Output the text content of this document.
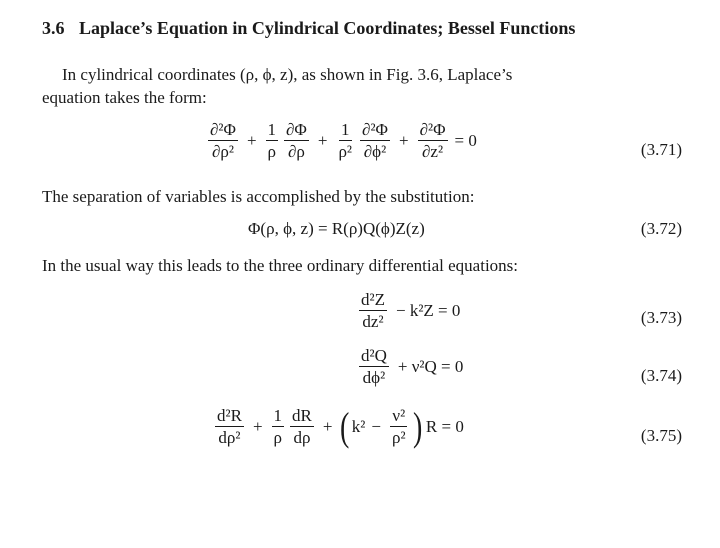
3.6 Laplace’s Equation in Cylindrical Coordinates; Bessel Functions
In cylindrical coordinates (ρ, ϕ, z), as shown in Fig. 3.6, Laplace’s
equation takes the form:
$\frac{\text{∂²Φ}}{\text{∂ρ²}} + \frac{1}{\rho} \frac{\partial\Phi}{\partial\rho} + \frac{1}{\text{ρ²}} \frac{\text{∂²Φ}}{\text{∂ϕ²}} + \frac{\text{∂²Φ}}{\text{∂z²}} = 0$	(3.71)
The separation of variables is accomplished by the substitution:
Φ(ρ, ϕ, z) = R(ρ)Q(ϕ)Z(z)	(3.72)
In the usual way this leads to the three ordinary differential equations:
$\frac{\text{d²Z}}{\text{dz²}} - k^2Z = 0$	(3.73)
$\frac{\text{d²Q}}{\text{dϕ²}} + \nu^2Q = 0$	(3.74)
$\frac{\text{d²R}}{\text{dρ²}} + \frac{1}{\rho} \frac{dR}{d\rho}$ + ( $k^2 - \frac{\text{ν²}}{\text{ρ²}}$ ) R = 0	(3.75)
